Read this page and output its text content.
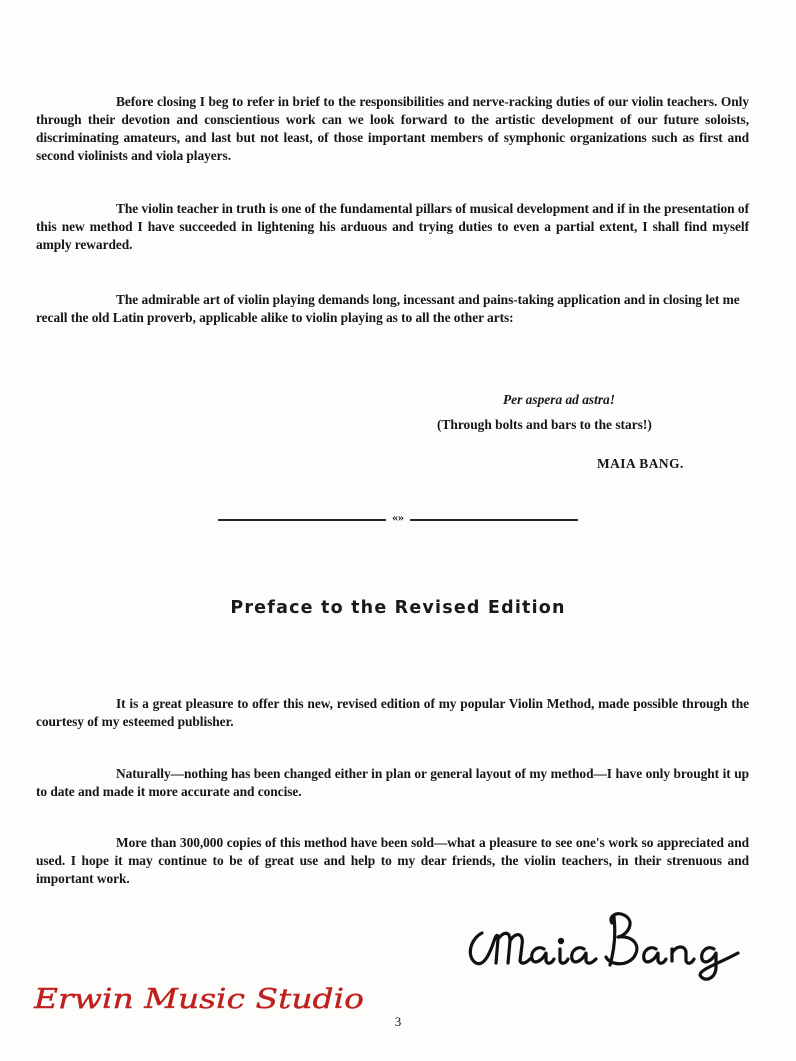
Before closing I beg to refer in brief to the responsibilities and nerve-racking duties of our violin teachers. Only through their devotion and conscientious work can we look forward to the artistic development of our future soloists, discriminating amateurs, and last but not least, of those important members of symphonic organizations such as first and second violinists and viola players.

The violin teacher in truth is one of the fundamental pillars of musical development and if in the presentation of this new method I have succeeded in lightening his arduous and trying duties to even a partial extent, I shall find myself amply rewarded.

The admirable art of violin playing demands long, incessant and pains-taking application and in closing let me recall the old Latin proverb, applicable alike to violin playing as to all the other arts:

Per aspera ad astra!
(Through bolts and bars to the stars!)
MAIA BANG.
«»
Preface to the Revised Edition

It is a great pleasure to offer this new, revised edition of my popular Violin Method, made possible through the courtesy of my esteemed publisher.

Naturally—nothing has been changed either in plan or general layout of my method—I have only brought it up to date and made it more accurate and concise.

More than 300,000 copies of this method have been sold—what a pleasure to see one's work so appreciated and used. I hope it may continue to be of great use and help to my dear friends, the violin teachers, in their strenuous and important work.

Erwin Music Studio
3
